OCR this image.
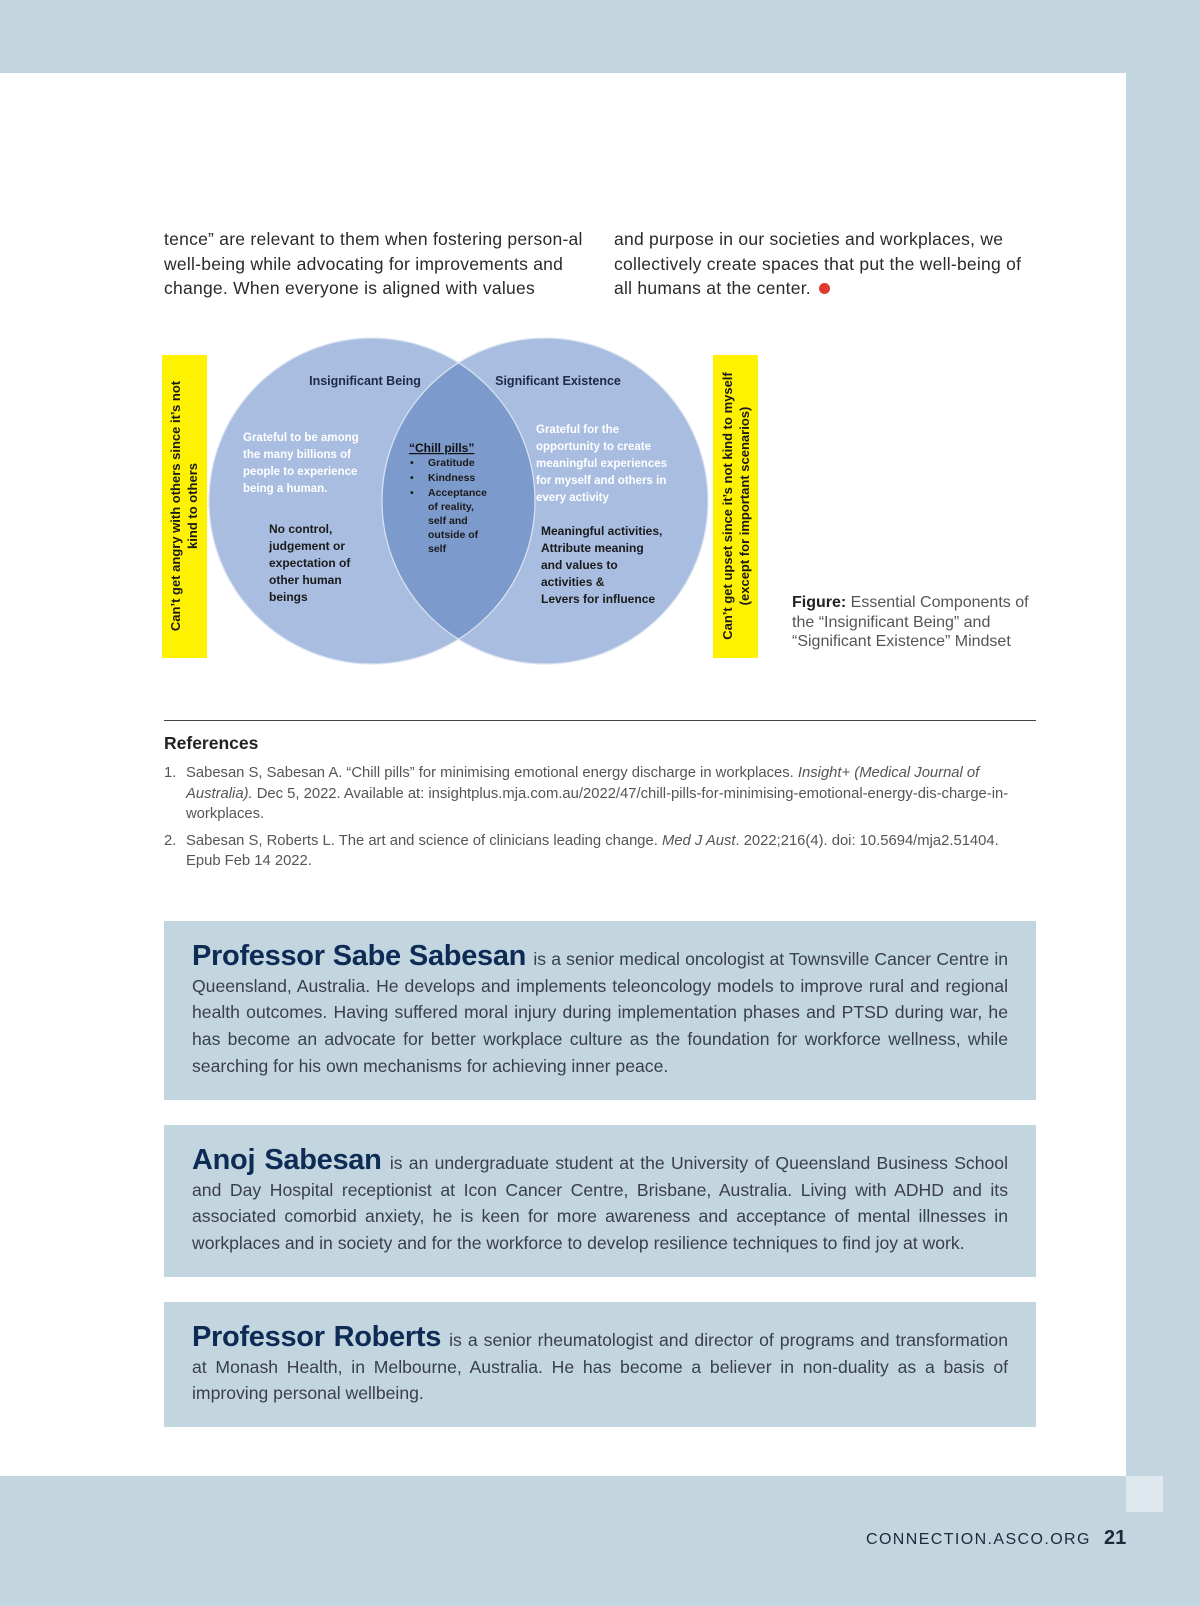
tence” are relevant to them when fostering person-al well-being while advocating for improvements and change. When everyone is aligned with values
and purpose in our societies and workplaces, we collectively create spaces that put the well-being of all humans at the center.
Can’t get angry with others since it’s not kind to others	Can’t get upset since it’s not kind to myself (except for important scenarios)
Insignificant Being	Significant Existence
Grateful to be among
the many billions of
people to experience
being a human.
No control,
judgement or
expectation of
other human
beings
“Chill pills”
• Gratitude
• Kindness
• Acceptance
of reality,
self and
outside of
self
Grateful for the
opportunity to create
meaningful experiences
for myself and others in
every activity
Meaningful activities,
Attribute meaning
and values to
activities &
Levers for influence	Figure: Essential Components of the “Insignificant Being” and “Significant Existence” Mindset
References
1. Sabesan S, Sabesan A. “Chill pills” for minimising emotional energy discharge in workplaces. Insight+ (Medical Journal of Australia). Dec 5, 2022. Available at: insightplus.mja.com.au/2022/47/chill-pills-for-minimising-emotional-energy-dis-charge-in-workplaces.
2. Sabesan S, Roberts L. The art and science of clinicians leading change. Med J Aust. 2022;216(4). doi: 10.5694/mja2.51404. Epub Feb 14 2022.
Professor Sabe Sabesan is a senior medical oncologist at Townsville Cancer Centre in Queensland, Australia. He develops and implements teleoncology models to improve rural and regional health outcomes. Having suffered moral injury during implementation phases and PTSD during war, he has become an advocate for better workplace culture as the foundation for workforce wellness, while searching for his own mechanisms for achieving inner peace.
Anoj Sabesan is an undergraduate student at the University of Queensland Business School and Day Hospital receptionist at Icon Cancer Centre, Brisbane, Australia. Living with ADHD and its associated comorbid anxiety, he is keen for more awareness and acceptance of mental illnesses in workplaces and in society and for the workforce to develop resilience techniques to find joy at work.
Professor Roberts is a senior rheumatologist and director of programs and transformation at Monash Health, in Melbourne, Australia. He has become a believer in non-duality as a basis of improving personal wellbeing.
CONNECTION.ASCO.ORG 21
